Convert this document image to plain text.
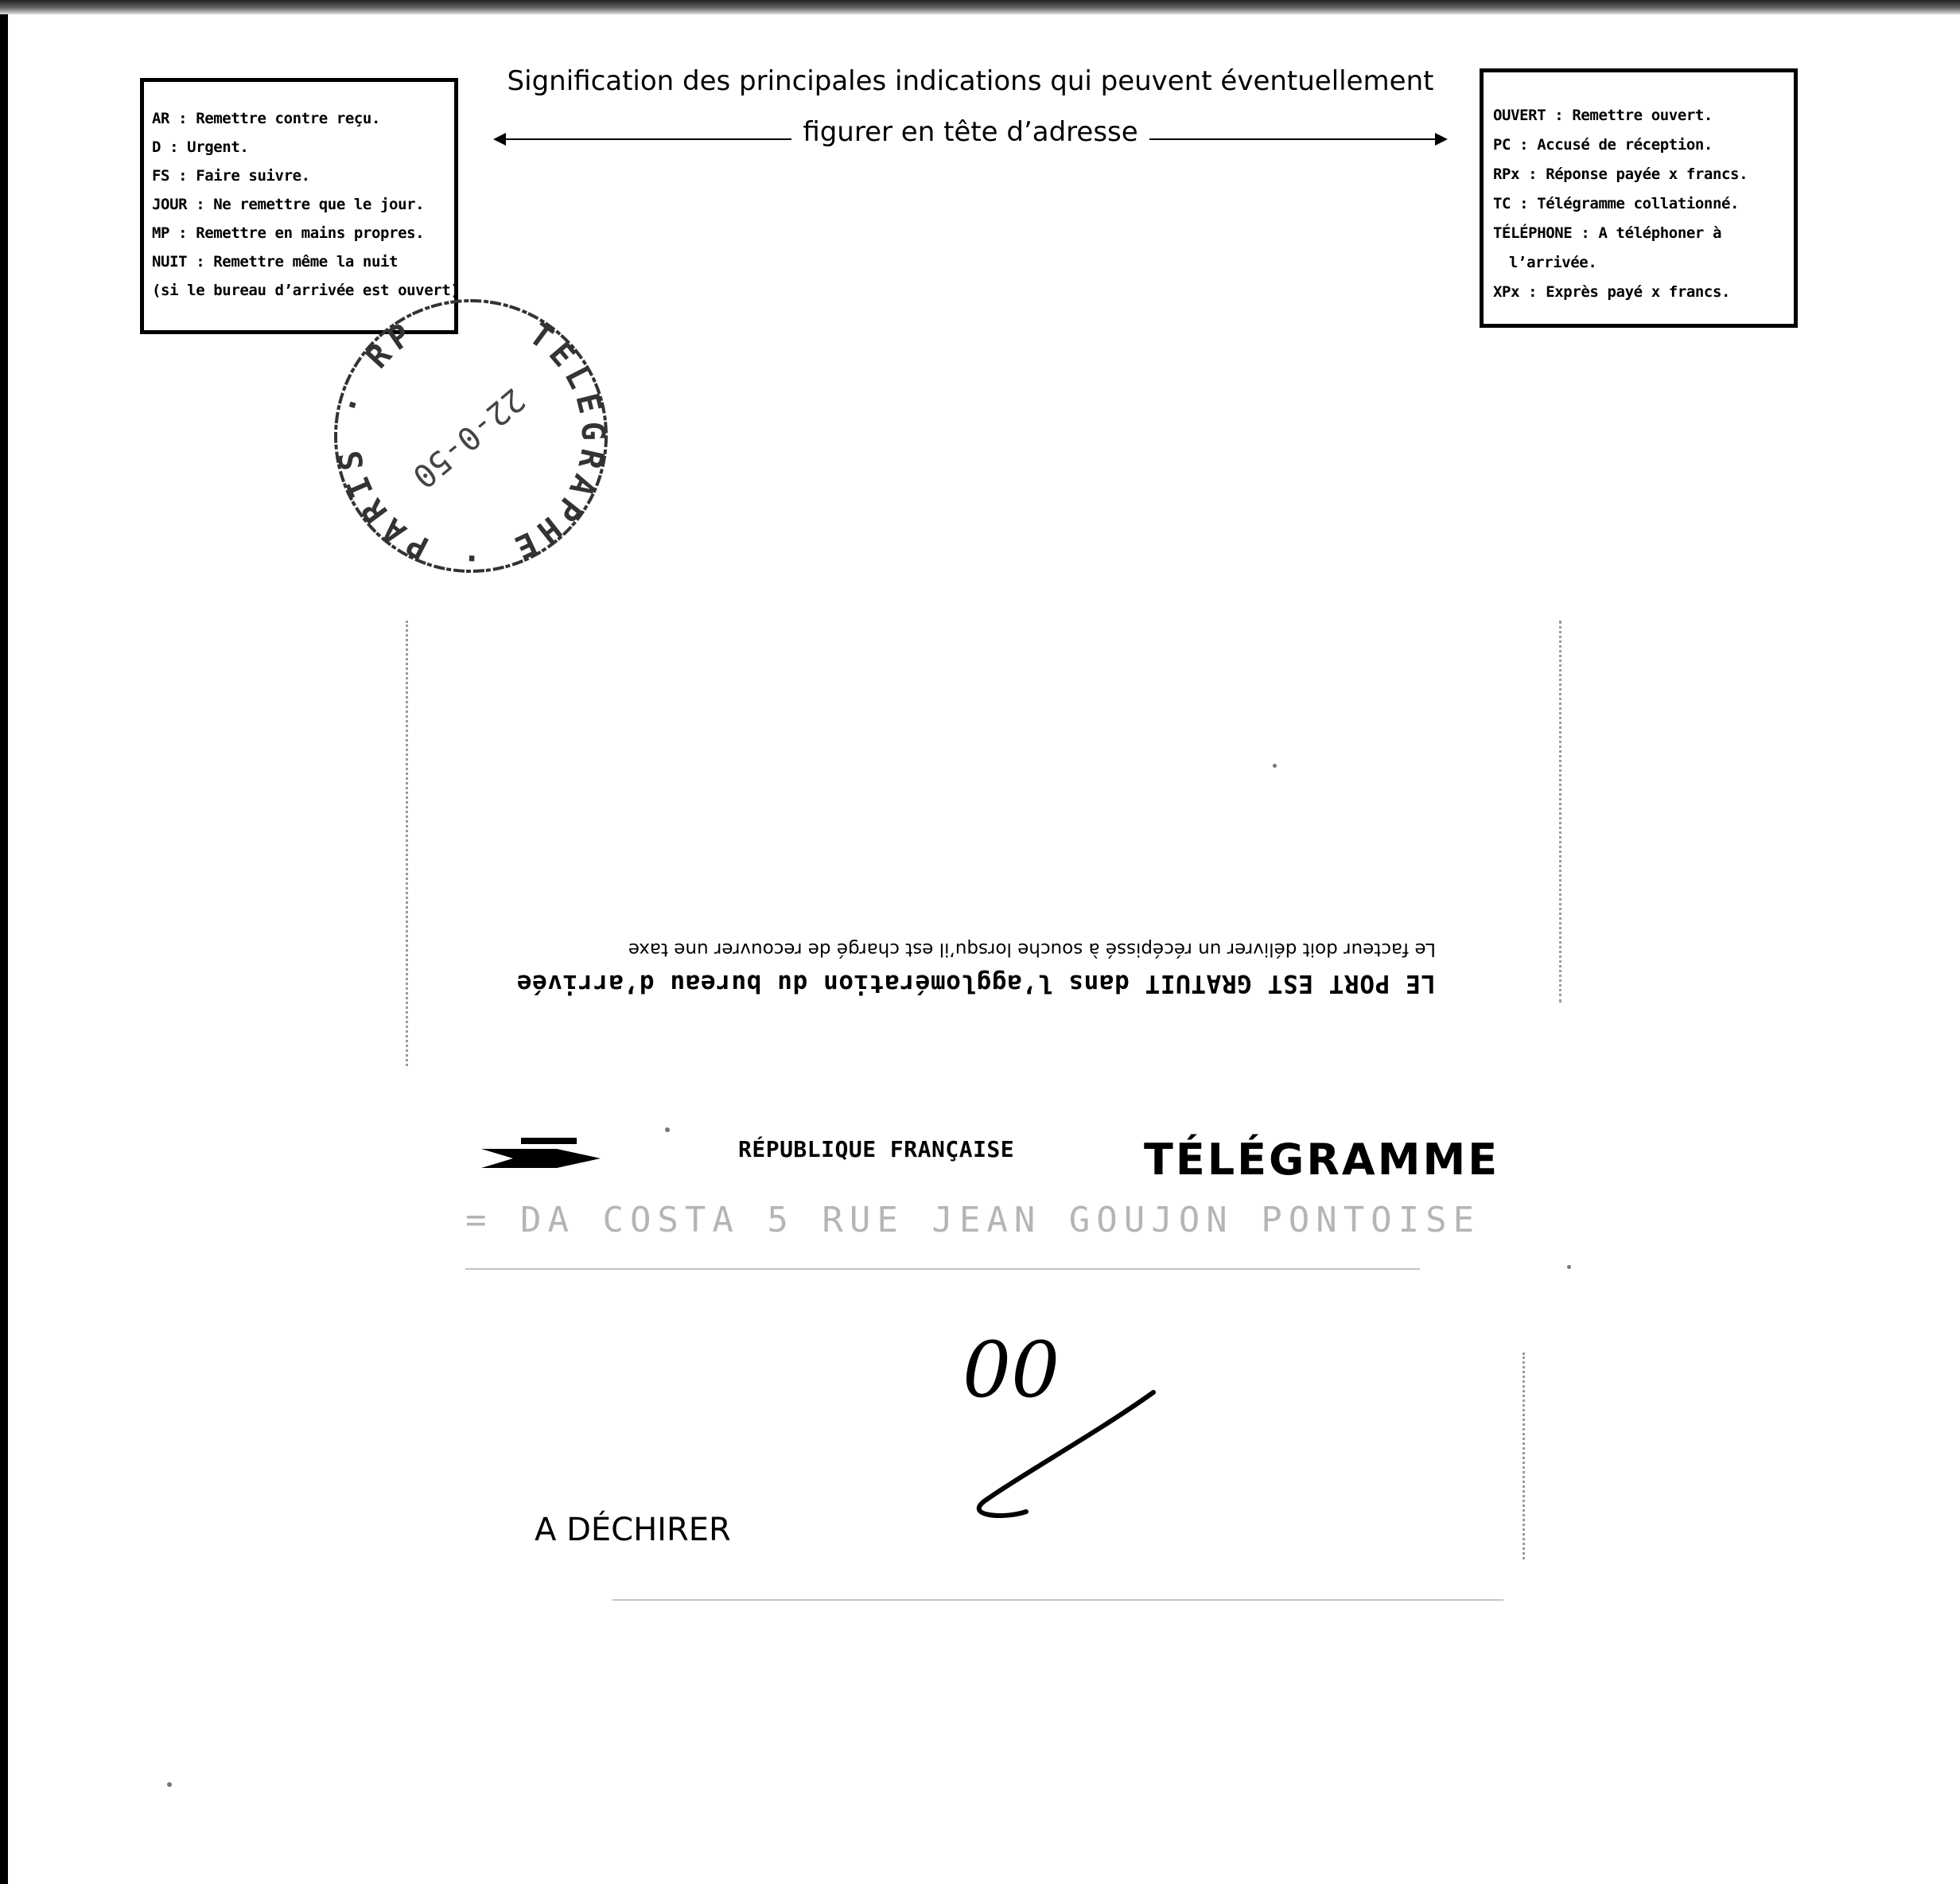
AR : Remettre contre reçu.
D : Urgent.
FS : Faire suivre.
JOUR : Ne remettre que le jour.
MP : Remettre en mains propres.
NUIT : Remettre même la nuit
(si le bureau d’arrivée est ouvert)
Signification des principales indications qui peuvent éventuellement
figurer en tête d’adresse
OUVERT : Remettre ouvert.
PC : Accusé de réception.
RPx : Réponse payée x francs.
TC : Télégramme collationné.
TÉLÉPHONE : A téléphoner à
l’arrivée.
XPx : Exprès payé x francs.
TELEGRAPHE · PARIS · RP
22-0-50
LE PORT EST GRATUIT dans l’agglomération du bureau d’arrivée
Le facteur doit délivrer un récépissé à souche lorsqu’il est chargé de recouvrer une taxe
RÉPUBLIQUE FRANÇAISE	TÉLÉGRAMME
= DA COSTA 5 RUE JEAN GOUJON PONTOISE
00
A DÉCHIRER
